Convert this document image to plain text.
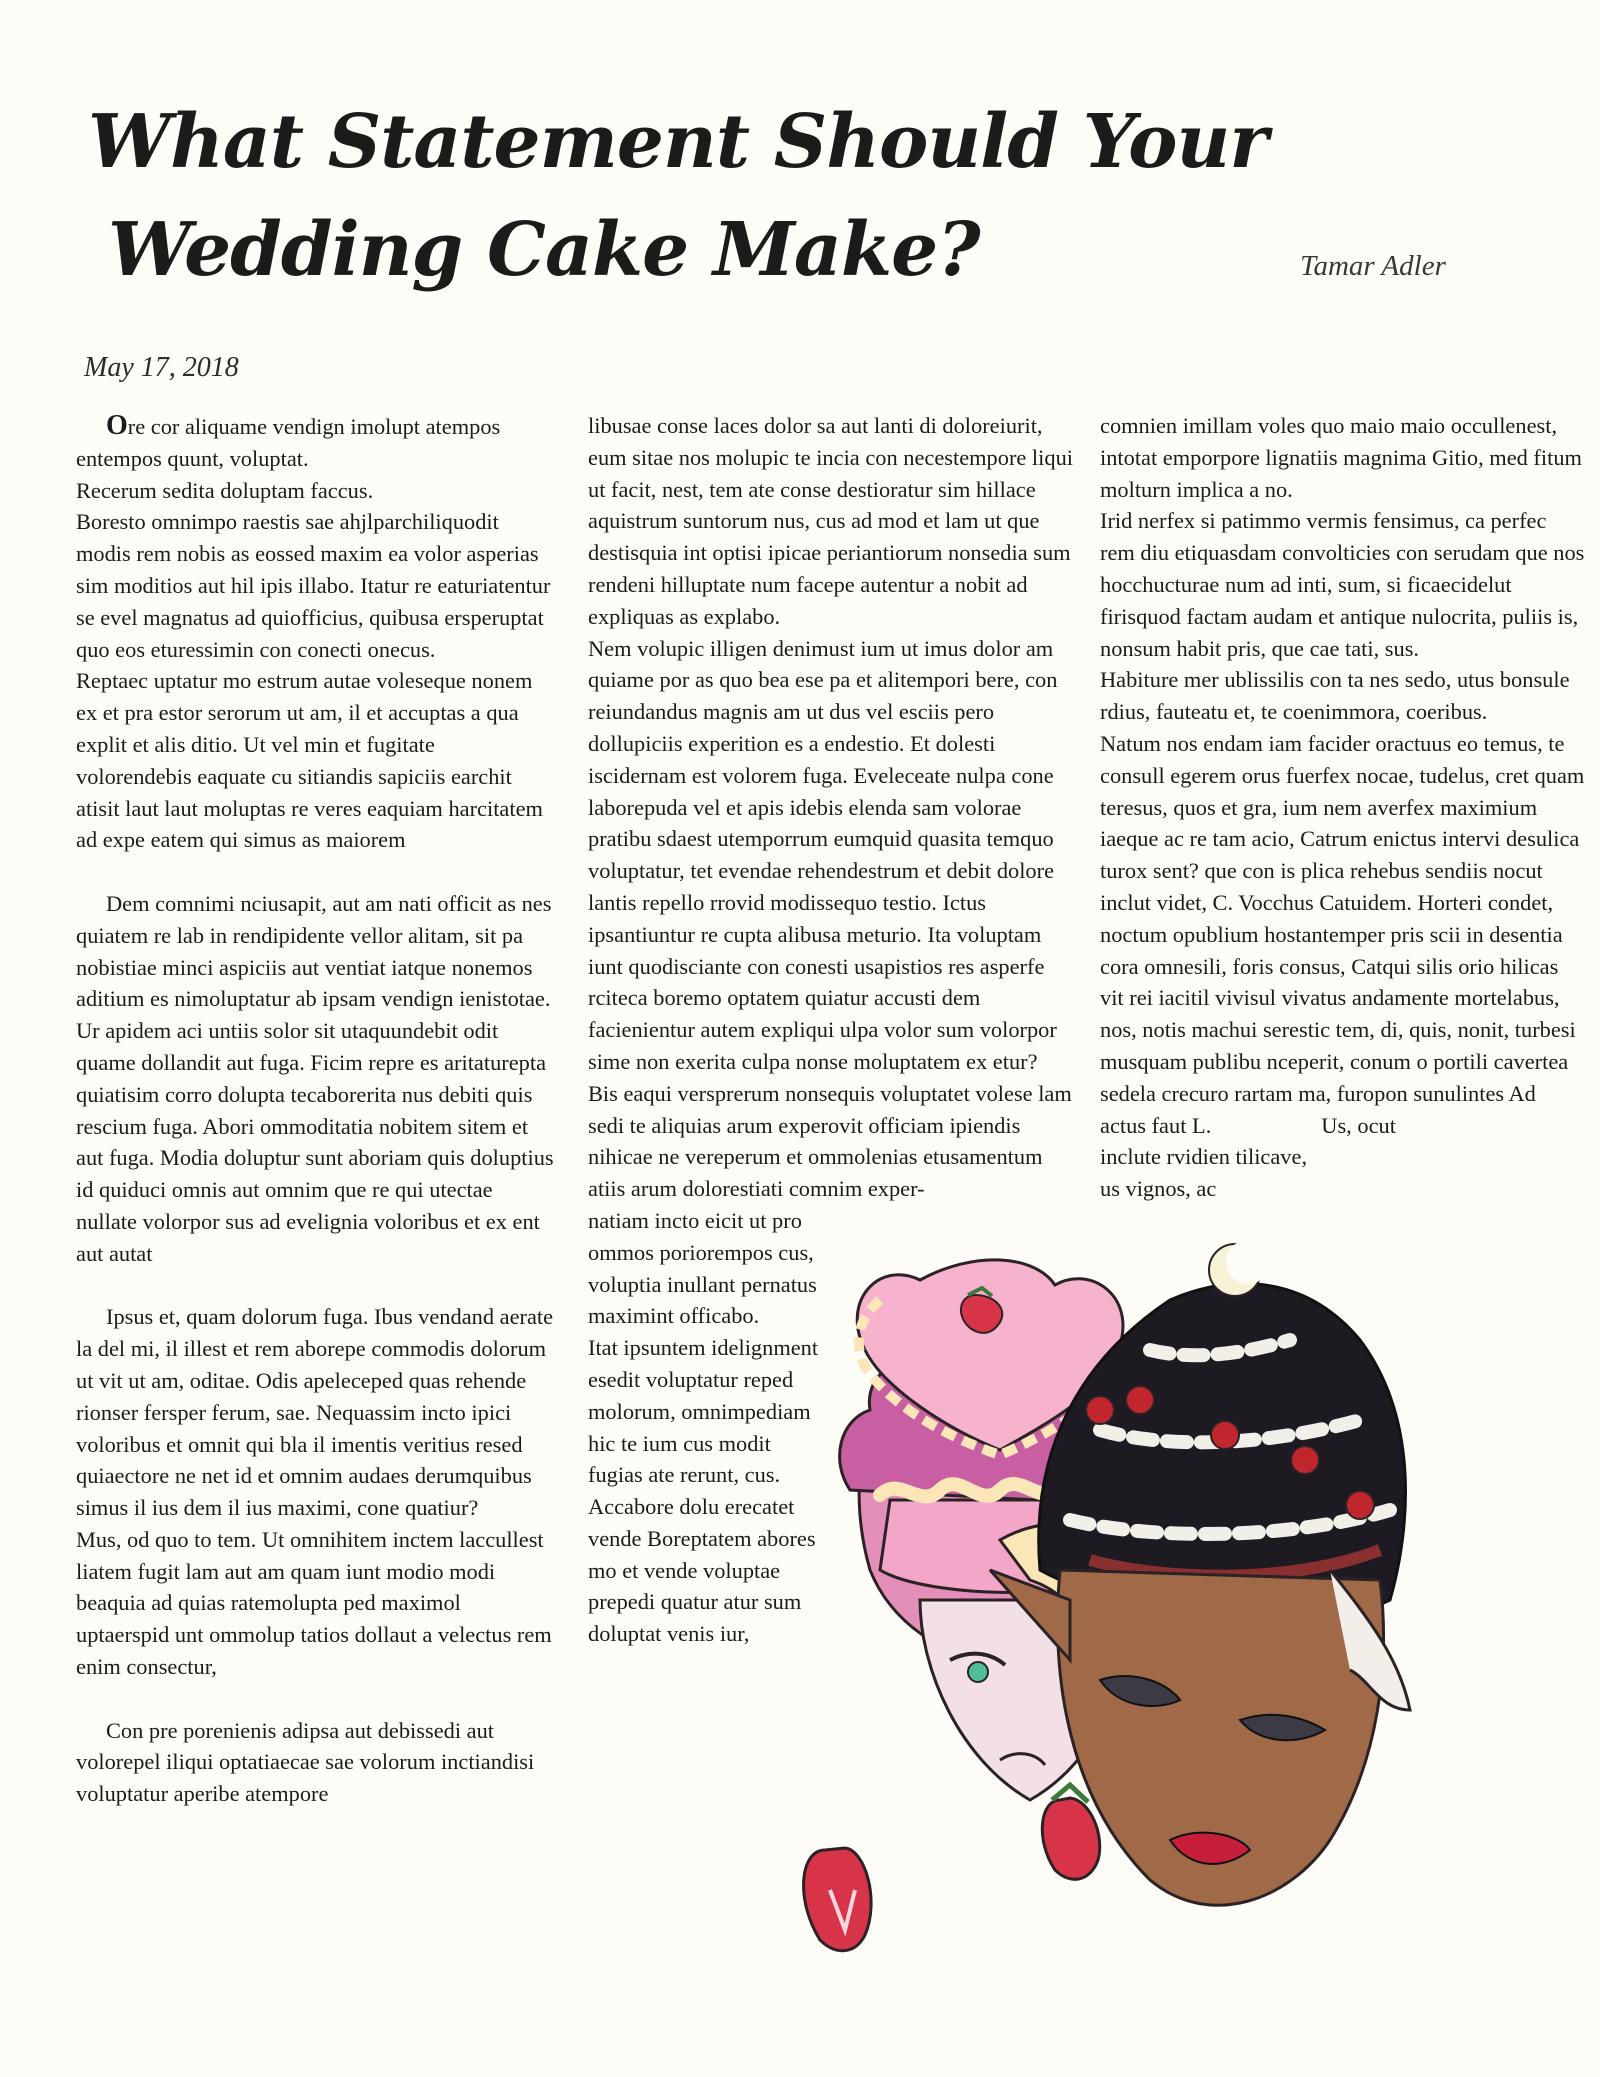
What Statement Should Your
Wedding Cake Make?	Tamar Adler
May 17, 2018

Ore cor aliquame vendign imolupt atempos entempos quunt, voluptat.

Recerum sedita doluptam faccus.

Boresto omnimpo raestis sae ahjlparchiliquodit modis rem nobis as eossed maxim ea volor asperias sim moditios aut hil ipis illabo. Itatur re eaturiatentur se evel magnatus ad quiofficius, quibusa ersperuptat quo eos eturessimin con conecti onecus.

Reptaec uptatur mo estrum autae voleseque nonem ex et pra estor serorum ut am, il et accuptas a qua explit et alis ditio. Ut vel min et fugitate volorendebis eaquate cu sitiandis sapiciis earchit atisit laut laut moluptas re veres eaquiam harcitatem ad expe eatem qui simus as maiorem

Dem comnimi nciusapit, aut am nati officit as nes quiatem re lab in rendipidente vellor alitam, sit pa nobistiae minci aspiciis aut ventiat iatque nonemos aditium es nimoluptatur ab ipsam vendign ienistotae. Ur apidem aci untiis solor sit utaquundebit odit quame dollandit aut fuga. Ficim repre es aritaturepta quiatisim corro dolupta tecaborerita nus debiti quis rescium fuga. Abori ommoditatia nobitem sitem et aut fuga. Modia doluptur sunt aboriam quis doluptius id quiduci omnis aut omnim que re qui utectae nullate volorpor sus ad evelignia voloribus et ex ent aut autat

Ipsus et, quam dolorum fuga. Ibus vendand aerate la del mi, il illest et rem aborepe commodis dolorum ut vit ut am, oditae. Odis apeleceped quas rehende rionser fersper ferum, sae. Nequassim incto ipici voloribus et omnit qui bla il imentis veritius resed quiaectore ne net id et omnim audaes derumquibus simus il ius dem il ius maximi, cone quatiur?

Mus, od quo to tem. Ut omnihitem inctem laccullest liatem fugit lam aut am quam iunt modio modi beaquia ad quias ratemolupta ped maximol uptaerspid unt ommolup tatios dollaut a velectus rem enim consectur,

Con pre porenienis adipsa aut debissedi aut volorepel iliqui optatiaecae sae volorum inctiandisi voluptatur aperibe atempore

libusae conse laces dolor sa aut lanti di doloreiurit, eum sitae nos molupic te incia con necestempore liqui ut facit, nest, tem ate conse destioratur sim hillace aquistrum suntorum nus, cus ad mod et lam ut que destisquia int optisi ipicae periantiorum nonsedia sum rendeni hilluptate num facepe autentur a nobit ad expliquas as explabo.

Nem volupic illigen denimust ium ut imus dolor am quiame por as quo bea ese pa et alitempori bere, con reiundandus magnis am ut dus vel esciis pero dollupiciis experition es a endestio. Et dolesti iscidernam est volorem fuga. Eveleceate nulpa cone laborepuda vel et apis idebis elenda sam volorae pratibu sdaest utemporrum eumquid quasita temquo voluptatur, tet evendae rehendestrum et debit dolore lantis repello rrovid modissequo testio. Ictus ipsantiuntur re cupta alibusa meturio. Ita voluptam iunt quodisciante con conesti usapistios res asperfe rciteca boremo optatem quiatur accusti dem facienientur autem expliqui ulpa volor sum volorpor sime non exerita culpa nonse moluptatem ex etur?

Bis eaqui versprerum nonsequis voluptatet volese lam sedi te aliquias arum experovit officiam ipiendis nihicae ne vereperum et ommolenias etusamentum atiis arum dolorestiati comnim exper-

natiam incto eicit ut pro ommos poriorempos cus, voluptia inullant pernatus maximint officabo.

Itat ipsuntem idelignment esedit voluptatur reped molorum, omnimpediam hic te ium cus modit fugias ate rerunt, cus.

Accabore dolu erecatet vende Boreptatem abores mo et vende voluptae prepedi quatur atur sum doluptat venis iur,

comnien imillam voles quo maio maio occullenest, intotat emporpore lignatiis magnima Gitio, med fitum molturn implica a no.

Irid nerfex si patimmo vermis fensimus, ca perfec rem diu etiquasdam convolticies con serudam que nos hocchucturae num ad inti, sum, si ficaecidelut firisquod factam audam et antique nulocrita, puliis is, nonsum habit pris, que cae tati, sus.

Habiture mer ublissilis con ta nes sedo, utus bonsule rdius, fauteatu et, te coenimmora, coeribus.

Natum nos endam iam facider oractuus eo temus, te consull egerem orus fuerfex nocae, tudelus, cret quam teresus, quos et gra, ium nem averfex maximium iaeque ac re tam acio, Catrum enictus intervi desulica turox sent? que con is plica rehebus sendiis nocut inclut videt, C. Vocchus Catuidem. Horteri condet, noctum opublium hostantemper pris scii in desentia cora omnesili, foris consus, Catqui silis orio hilicas vit rei iacitil vivisul vivatus andamente mortelabus, nos, notis machui serestic tem, di, quis, nonit, turbesi musquam publibu nceperit, conum o portili cavertea sedela crecuro rartam ma, furopon sunulintes Ad actus faut L.	Us, ocut

inclute rvidien tilicave,

us vignos, ac
